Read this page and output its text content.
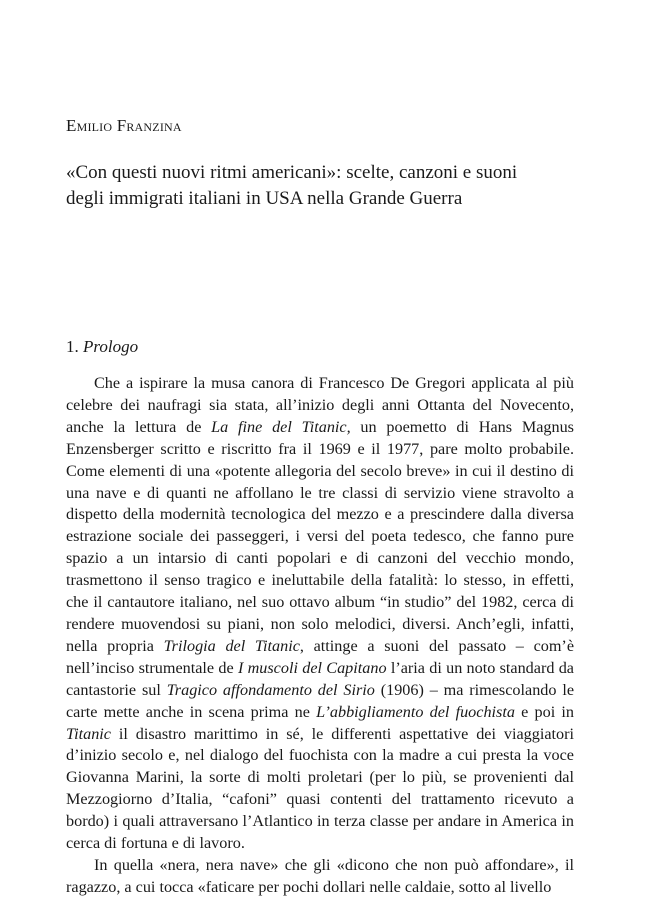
Emilio Franzina
«Con questi nuovi ritmi americani»: scelte, canzoni e suoni
degli immigrati italiani in USA nella Grande Guerra
1. Prologo

Che a ispirare la musa canora di Francesco De Gregori applicata al più celebre dei naufragi sia stata, all’inizio degli anni Ottanta del Novecento, anche la lettura de La fine del Titanic, un poemetto di Hans Magnus Enzensberger scritto e riscritto fra il 1969 e il 1977, pare molto probabile. Come elementi di una «potente allegoria del secolo breve» in cui il destino di una nave e di quanti ne affollano le tre classi di servizio viene stravolto a dispetto della modernità tecnologica del mezzo e a prescindere dalla diversa estrazione sociale dei passeggeri, i versi del poeta tedesco, che fanno pure spazio a un intarsio di canti popolari e di canzoni del vecchio mondo, trasmettono il senso tragico e ineluttabile della fatalità: lo stesso, in effetti, che il cantautore italiano, nel suo ottavo album “in studio” del 1982, cerca di rendere muovendosi su piani, non solo melodici, diversi. Anch’egli, infatti, nella propria Trilogia del Titanic, attinge a suoni del passato – com’è nell’inciso strumentale de I muscoli del Capitano l’aria di un noto standard da cantastorie sul Tragico affondamento del Sirio (1906) – ma rimescolando le carte mette anche in scena prima ne L’abbigliamento del fuochista e poi in Titanic il disastro marittimo in sé, le differenti aspettative dei viaggiatori d’inizio secolo e, nel dialogo del fuochista con la madre a cui presta la voce Giovanna Marini, la sorte di molti proletari (per lo più, se provenienti dal Mezzogiorno d’Italia, “cafoni” quasi contenti del trattamento ricevuto a bordo) i quali attraversano l’Atlantico in terza classe per andare in America in cerca di fortuna e di lavoro.

In quella «nera, nera nave» che gli «dicono che non può affondare», il ragazzo, a cui tocca «faticare per pochi dollari nelle caldaie, sotto al livello
